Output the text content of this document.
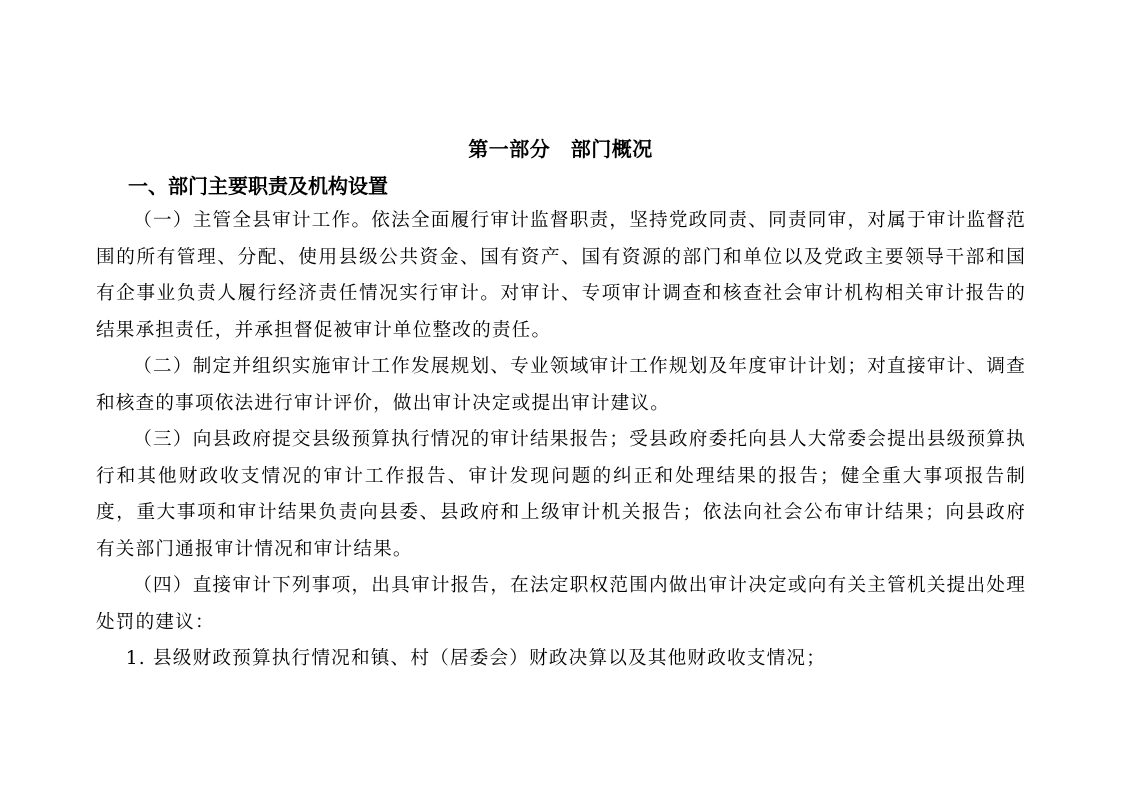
第一部分　部门概况
一、部门主要职责及机构设置
（一）主管全县审计工作。依法全面履行审计监督职责，坚持党政同责、同责同审，对属于审计监督范围的所有管理、分配、使用县级公共资金、国有资产、国有资源的部门和单位以及党政主要领导干部和国有企事业负责人履行经济责任情况实行审计。对审计、专项审计调查和核查社会审计机构相关审计报告的结果承担责任，并承担督促被审计单位整改的责任。
（二）制定并组织实施审计工作发展规划、专业领域审计工作规划及年度审计计划；对直接审计、调查和核查的事项依法进行审计评价，做出审计决定或提出审计建议。
（三）向县政府提交县级预算执行情况的审计结果报告；受县政府委托向县人大常委会提出县级预算执行和其他财政收支情况的审计工作报告、审计发现问题的纠正和处理结果的报告；健全重大事项报告制度，重大事项和审计结果负责向县委、县政府和上级审计机关报告；依法向社会公布审计结果；向县政府有关部门通报审计情况和审计结果。
（四）直接审计下列事项，出具审计报告，在法定职权范围内做出审计决定或向有关主管机关提出处理处罚的建议：
1. 县级财政预算执行情况和镇、村（居委会）财政决算以及其他财政收支情况；
